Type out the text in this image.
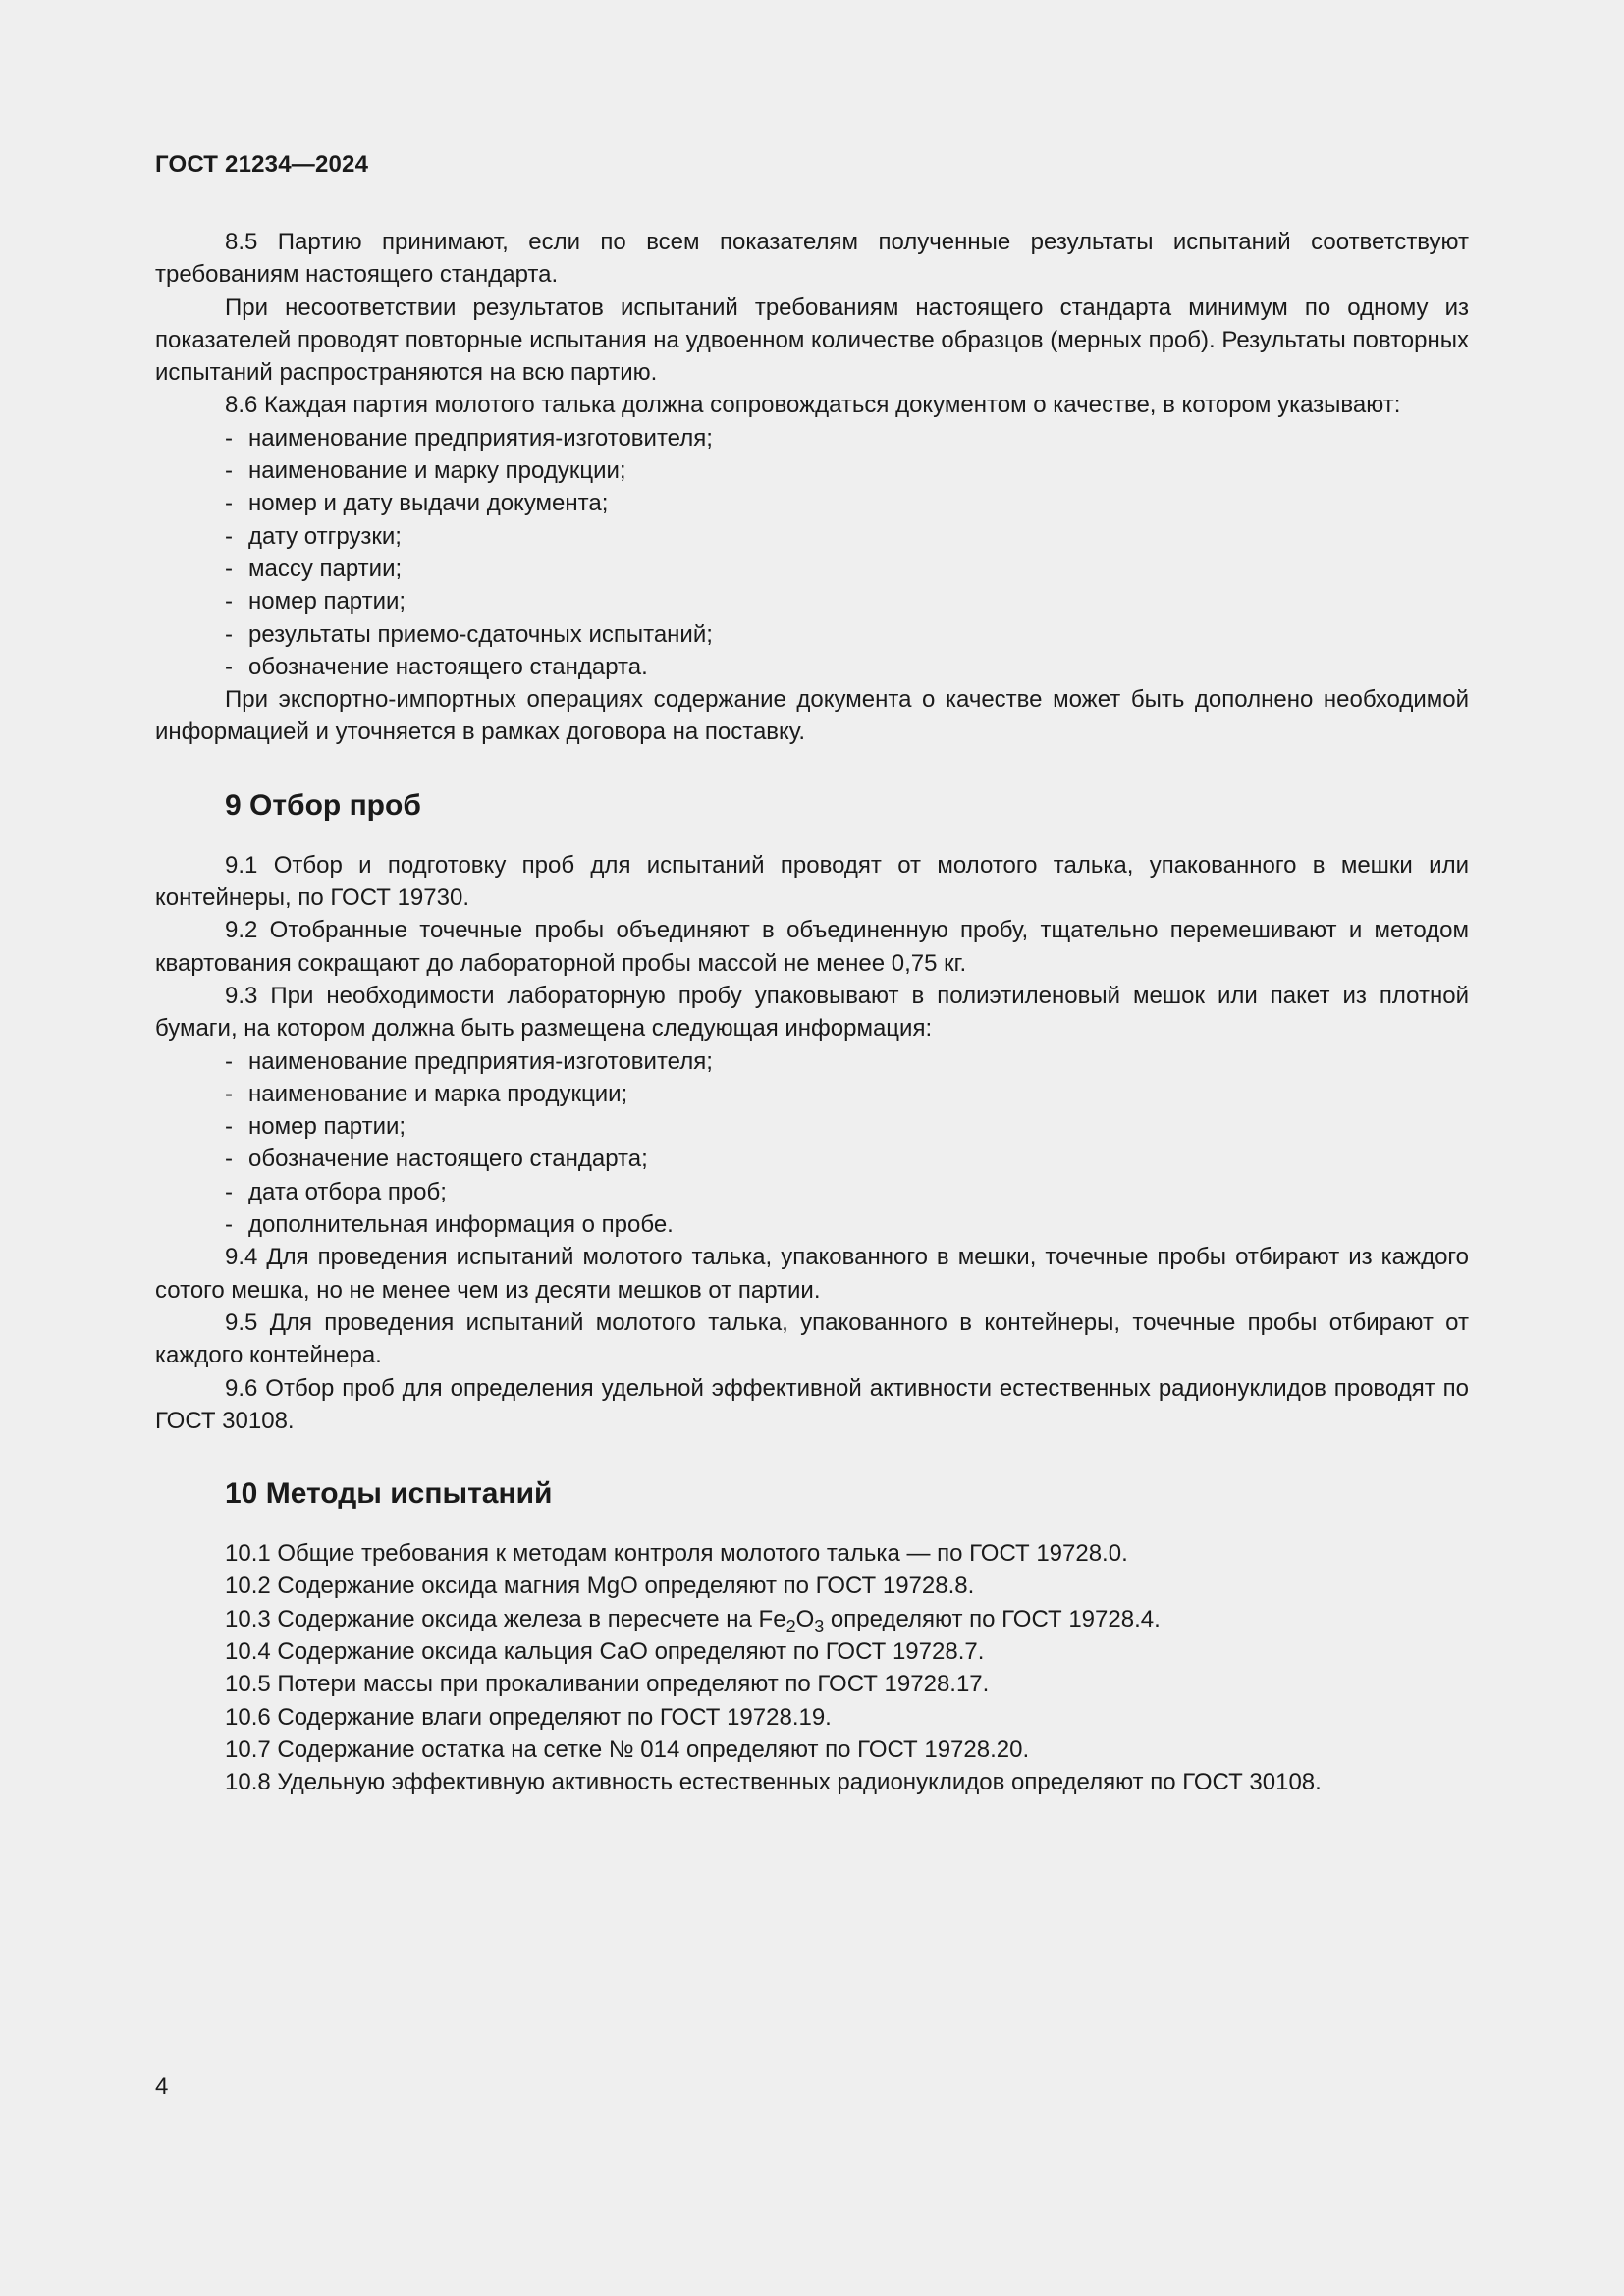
ГОСТ 21234—2024

8.5 Партию принимают, если по всем показателям полученные результаты испытаний соответствуют требованиям настоящего стандарта.

При несоответствии результатов испытаний требованиям настоящего стандарта минимум по одному из показателей проводят повторные испытания на удвоенном количестве образцов (мерных проб). Результаты повторных испытаний распространяются на всю партию.

8.6 Каждая партия молотого талька должна сопровождаться документом о качестве, в котором указывают:

- наименование предприятия-изготовителя;

- наименование и марку продукции;

- номер и дату выдачи документа;

- дату отгрузки;

- массу партии;

- номер партии;

- результаты приемо-сдаточных испытаний;

- обозначение настоящего стандарта.

При экспортно-импортных операциях содержание документа о качестве может быть дополнено необходимой информацией и уточняется в рамках договора на поставку.

9 Отбор проб

9.1 Отбор и подготовку проб для испытаний проводят от молотого талька, упакованного в мешки или контейнеры, по ГОСТ 19730.

9.2 Отобранные точечные пробы объединяют в объединенную пробу, тщательно перемешивают и методом квартования сокращают до лабораторной пробы массой не менее 0,75 кг.

9.3 При необходимости лабораторную пробу упаковывают в полиэтиленовый мешок или пакет из плотной бумаги, на котором должна быть размещена следующая информация:

- наименование предприятия-изготовителя;

- наименование и марка продукции;

- номер партии;

- обозначение настоящего стандарта;

- дата отбора проб;

- дополнительная информация о пробе.

9.4 Для проведения испытаний молотого талька, упакованного в мешки, точечные пробы отбирают из каждого сотого мешка, но не менее чем из десяти мешков от партии.

9.5 Для проведения испытаний молотого талька, упакованного в контейнеры, точечные пробы отбирают от каждого контейнера.

9.6 Отбор проб для определения удельной эффективной активности естественных радионуклидов проводят по ГОСТ 30108.

10 Методы испытаний

10.1 Общие требования к методам контроля молотого талька — по ГОСТ 19728.0.

10.2 Содержание оксида магния MgO определяют по ГОСТ 19728.8.

10.3 Содержание оксида железа в пересчете на $Fe_2O_3$ определяют по ГОСТ 19728.4.

10.4 Содержание оксида кальция CaO определяют по ГОСТ 19728.7.

10.5 Потери массы при прокаливании определяют по ГОСТ 19728.17.

10.6 Содержание влаги определяют по ГОСТ 19728.19.

10.7 Содержание остатка на сетке № 014 определяют по ГОСТ 19728.20.

10.8 Удельную эффективную активность естественных радионуклидов определяют по ГОСТ 30108.

4
